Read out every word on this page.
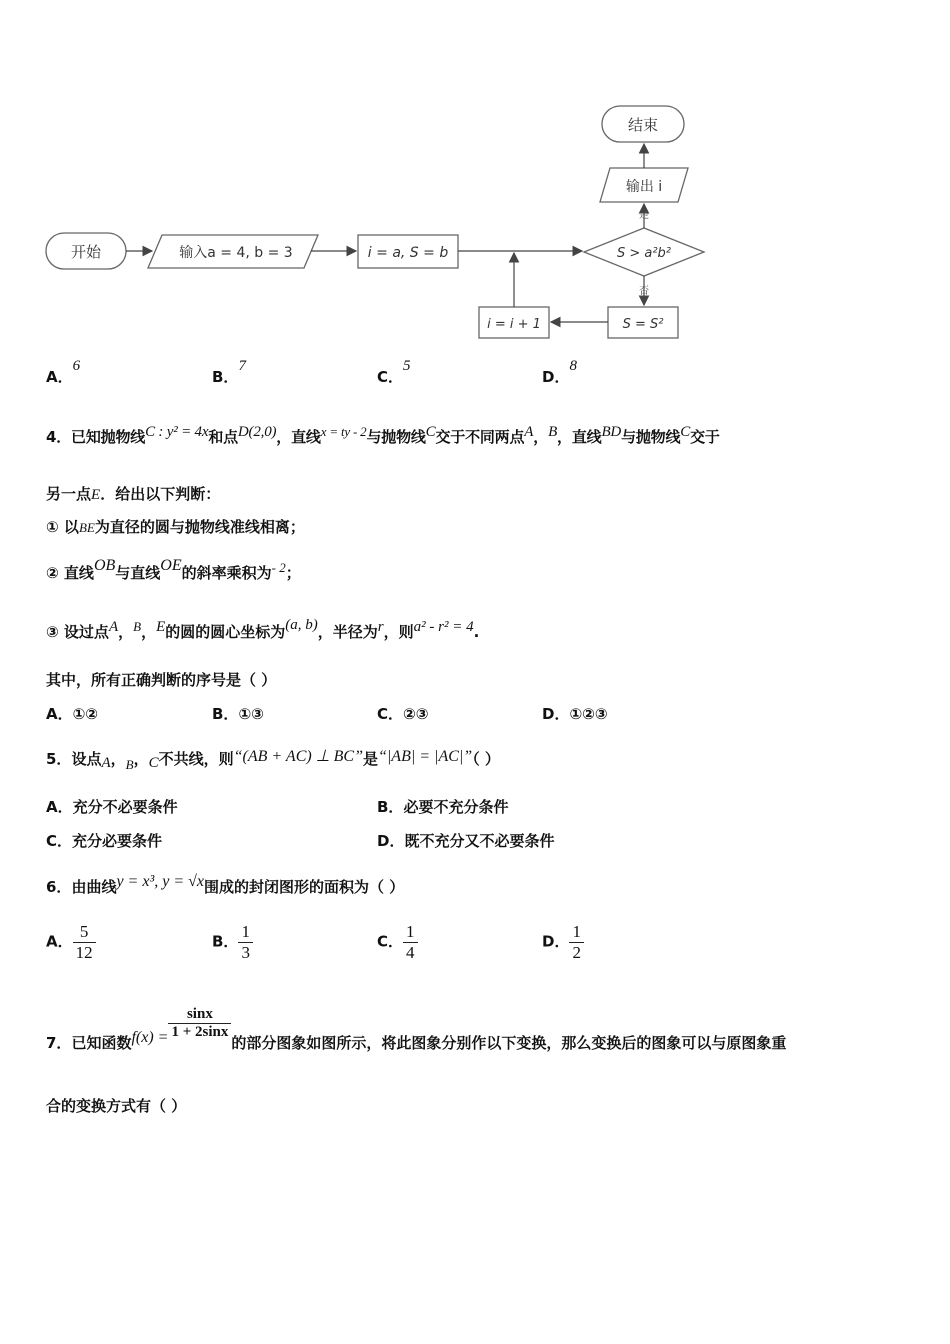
开始	输入a = 4, b = 3	i = a, S = b	S > a²b²
输出 i
结束
S = S²
i = i + 1
是
否
A．6
B．7
C．5
D．8
4．已知抛物线C : y² = 4x和点D(2,0)，直线x = ty - 2与抛物线C交于不同两点A，B，直线BD与抛物线C交于
另一点E．给出以下判断：
① 以BE为直径的圆与抛物线准线相离；
② 直线OB与直线OE的斜率乘积为- 2；
③ 设过点A，B，E的圆的圆心坐标为(a, b)，半径为r，则a² - r² = 4.
其中，所有正确判断的序号是（ ）
A．①②	B．①③	C．②③	D．①②③
5．设点A，B，C不共线，则“(AB + AC) ⊥ BC”是“|AB| = |AC|”（ ）
A．充分不必要条件	B．必要不充分条件
C．充分必要条件	D．既不充分又不必要条件
6．由曲线y = x³, y = √x围成的封闭图形的面积为（ ）
A． $\frac{5}{12}$	B． $\frac{1}{3}$	C． $\frac{1}{4}$	D． $\frac{1}{2}$
7．已知函数$f(x) = \frac{\sin x}{1 + 2\sin x}$
的部分图象如图所示，将此图象分别作以下变换，那么变换后的图象可以与原图象重
合的变换方式有（ ）
